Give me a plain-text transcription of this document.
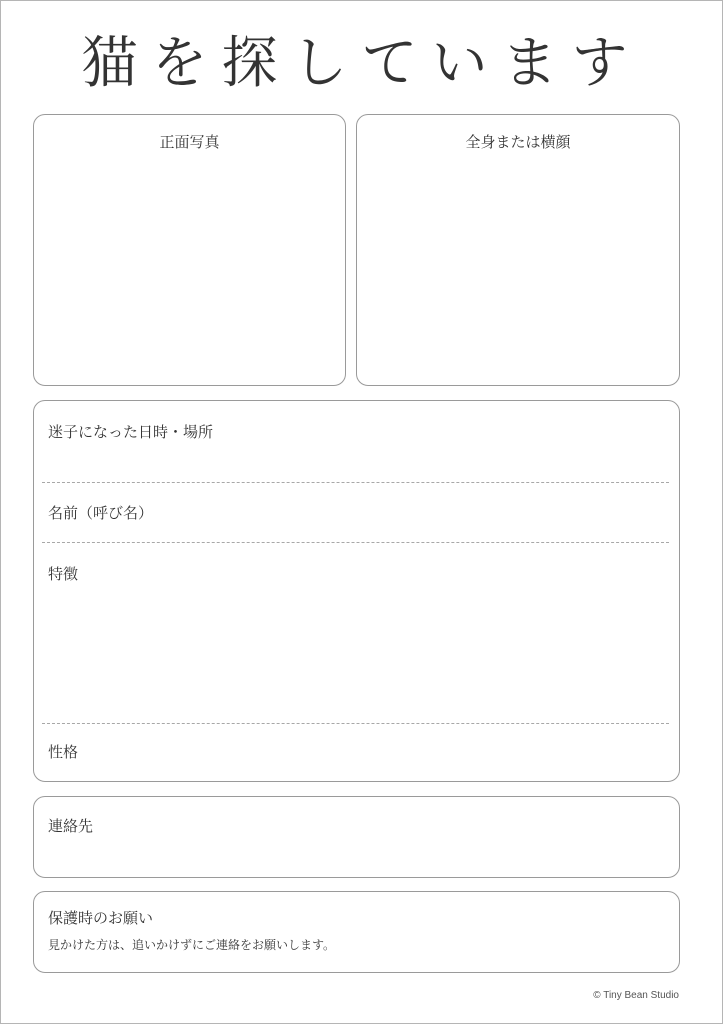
猫を探しています
正面写真	全身または横顔
迷子になった日時・場所
名前（呼び名）
特徴
性格
連絡先
保護時のお願い
見かけた方は、追いかけずにご連絡をお願いします。
© Tiny Bean Studio
